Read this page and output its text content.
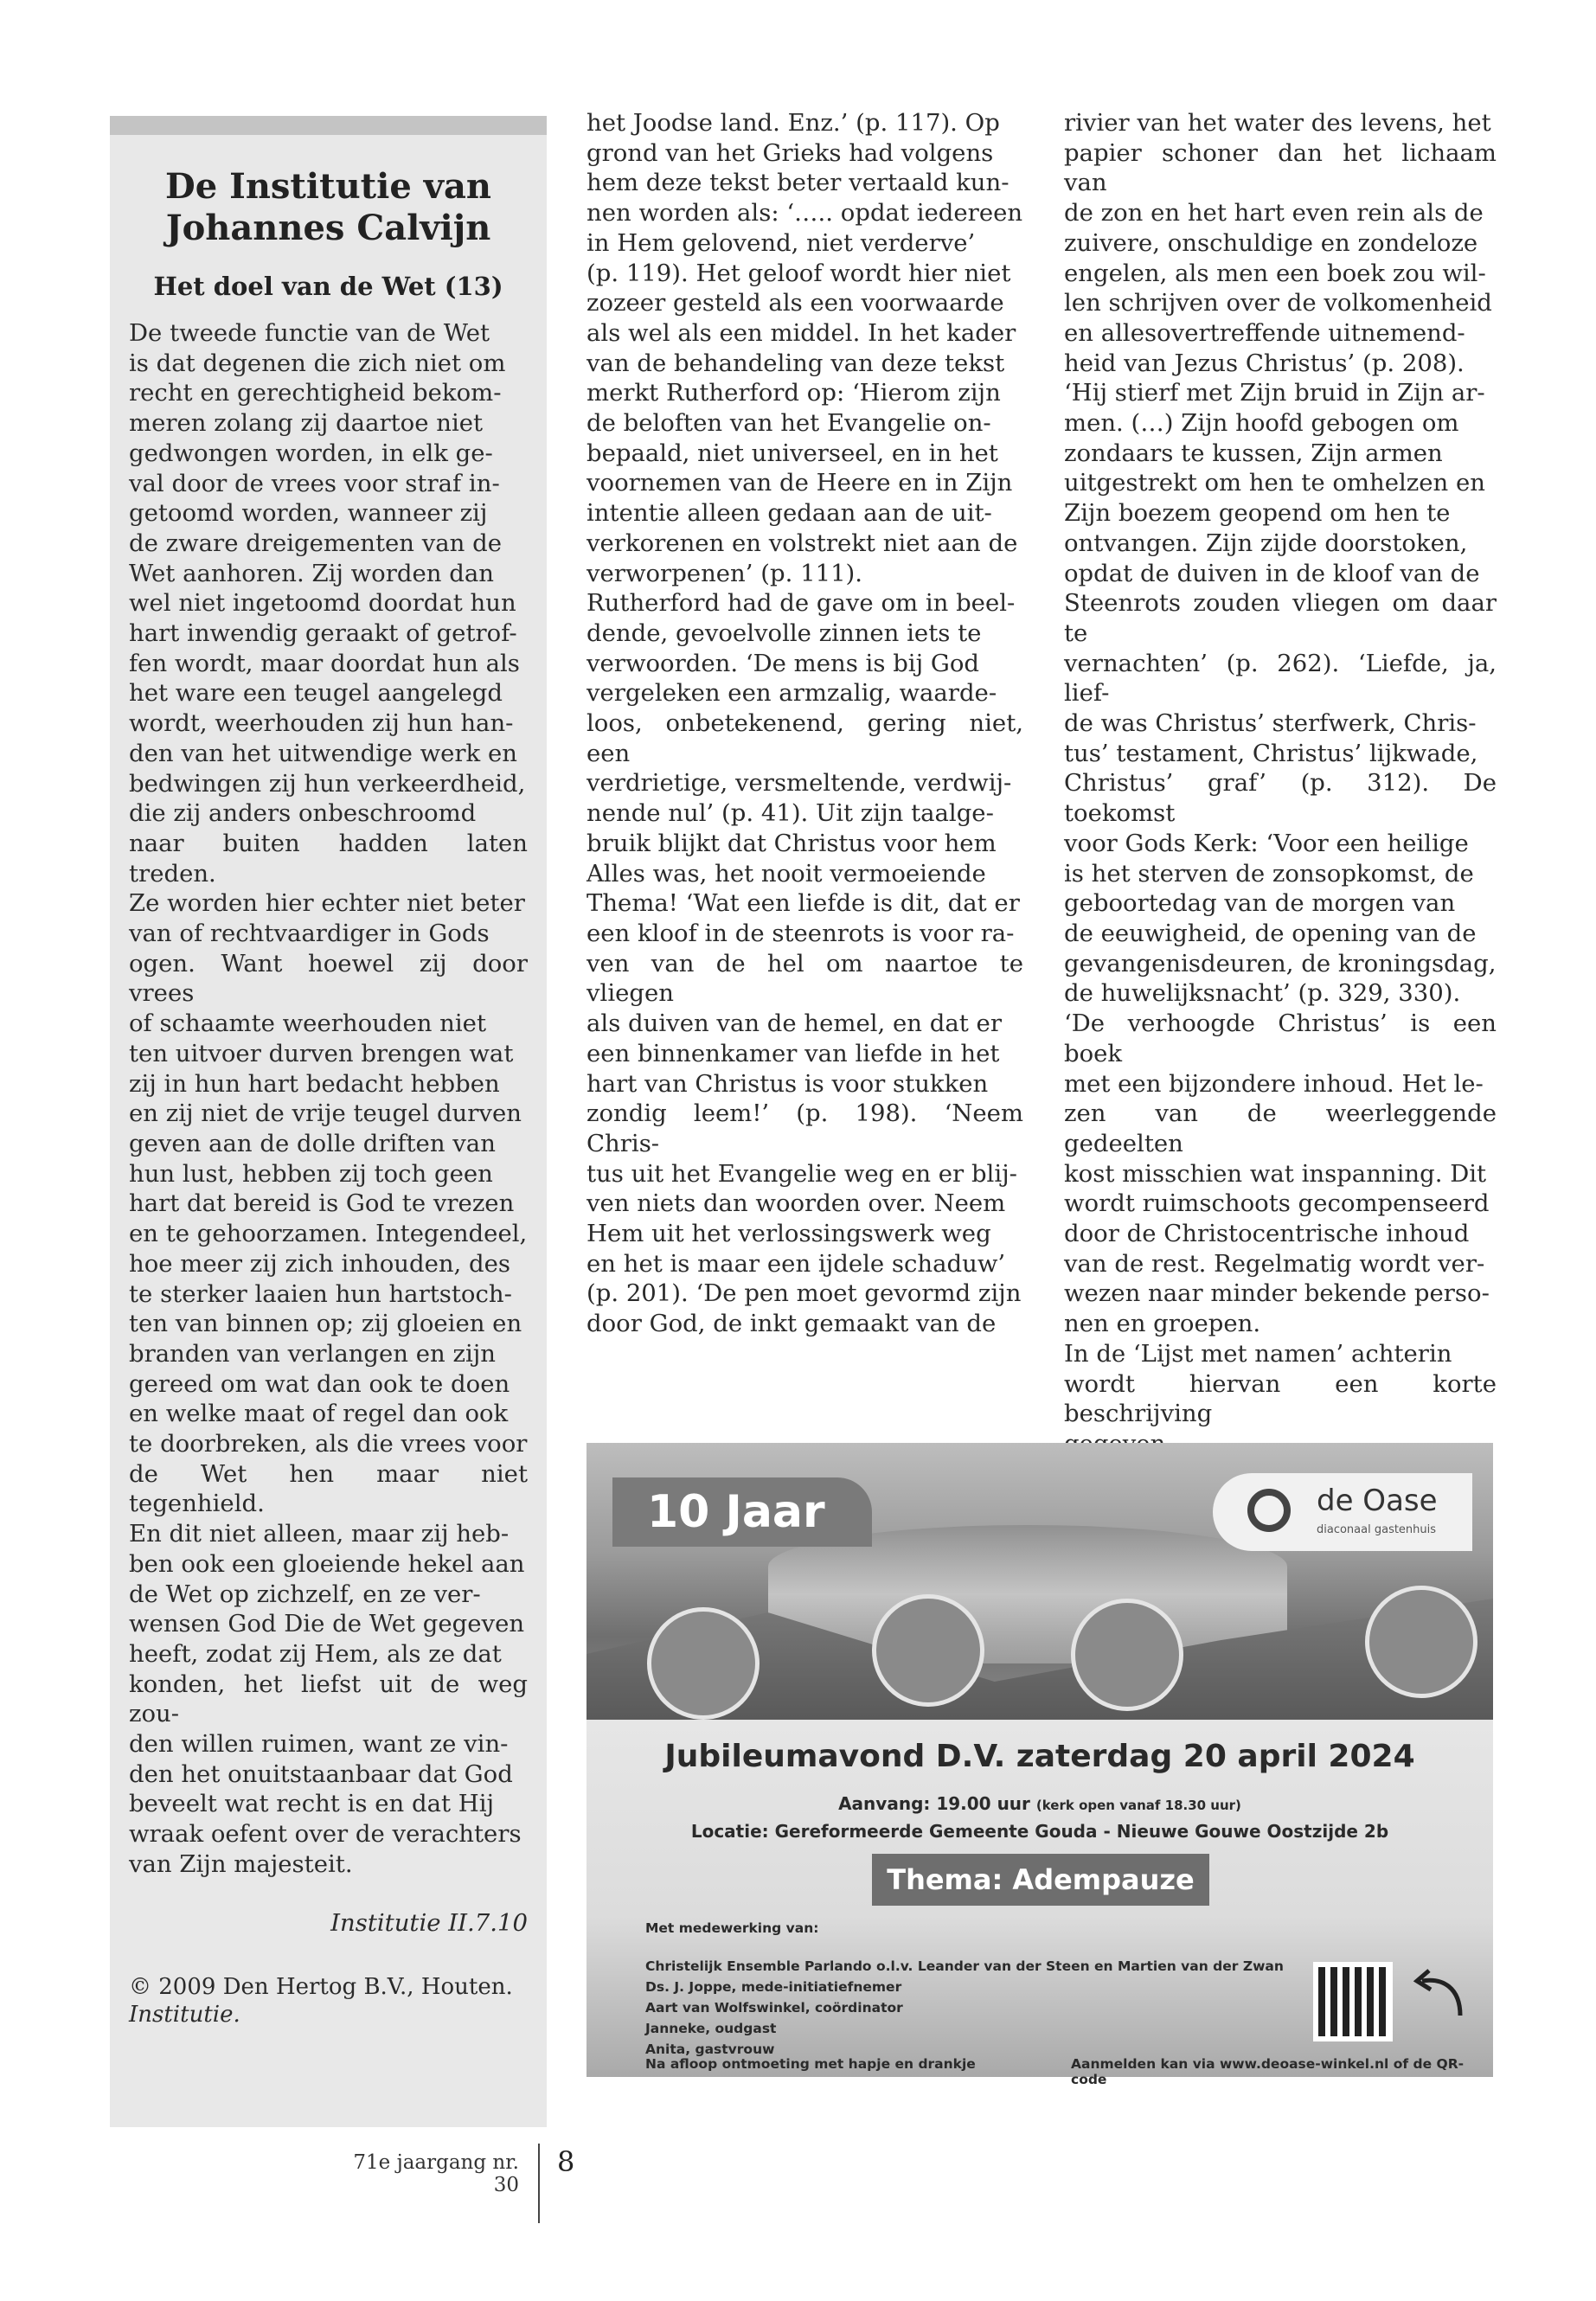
De Institutie van
Johannes Calvijn
Het doel van de Wet (13)
De tweede functie van de Wet
is dat degenen die zich niet om
recht en gerechtigheid bekom-
meren zolang zij daartoe niet
gedwongen worden, in elk ge-
val door de vrees voor straf in-
getoomd worden, wanneer zij
de zware dreigementen van de
Wet aanhoren. Zij worden dan
wel niet ingetoomd doordat hun
hart inwendig geraakt of getrof-
fen wordt, maar doordat hun als
het ware een teugel aangelegd
wordt, weerhouden zij hun han-
den van het uitwendige werk en
bedwingen zij hun verkeerdheid,
die zij anders onbeschroomd
naar buiten hadden laten treden.
Ze worden hier echter niet beter
van of rechtvaardiger in Gods
ogen. Want hoewel zij door vrees
of schaamte weerhouden niet
ten uitvoer durven brengen wat
zij in hun hart bedacht hebben
en zij niet de vrije teugel durven
geven aan de dolle driften van
hun lust, hebben zij toch geen
hart dat bereid is God te vrezen
en te gehoorzamen. Integendeel,
hoe meer zij zich inhouden, des
te sterker laaien hun hartstoch-
ten van binnen op; zij gloeien en
branden van verlangen en zijn
gereed om wat dan ook te doen
en welke maat of regel dan ook
te doorbreken, als die vrees voor
de Wet hen maar niet tegenhield.
En dit niet alleen, maar zij heb-
ben ook een gloeiende hekel aan
de Wet op zichzelf, en ze ver-
wensen God Die de Wet gegeven
heeft, zodat zij Hem, als ze dat
konden, het liefst uit de weg zou-
den willen ruimen, want ze vin-
den het onuitstaanbaar dat God
beveelt wat recht is en dat Hij
wraak oefent over de verachters
van Zijn majesteit.
Institutie II.7.10
© 2009 Den Hertog B.V., Houten.
Institutie.
het Joodse land. Enz.’ (p. 117). Op
grond van het Grieks had volgens
hem deze tekst beter vertaald kun-
nen worden als: ‘….. opdat iedereen
in Hem gelovend, niet verderve’
(p. 119). Het geloof wordt hier niet
zozeer gesteld als een voorwaarde
als wel als een middel. In het kader
van de behandeling van deze tekst
merkt Rutherford op: ‘Hierom zijn
de beloften van het Evangelie on-
bepaald, niet universeel, en in het
voornemen van de Heere en in Zijn
intentie alleen gedaan aan de uit-
verkorenen en volstrekt niet aan de
verworpenen’ (p. 111).
Rutherford had de gave om in beel-
dende, gevoelvolle zinnen iets te
verwoorden. ‘De mens is bij God
vergeleken een armzalig, waarde-
loos, onbetekenend, gering niet, een
verdrietige, versmeltende, verdwij-
nende nul’ (p. 41). Uit zijn taalge-
bruik blijkt dat Christus voor hem
Alles was, het nooit vermoeiende
Thema! ‘Wat een liefde is dit, dat er
een kloof in de steenrots is voor ra-
ven van de hel om naartoe te vliegen
als duiven van de hemel, en dat er
een binnenkamer van liefde in het
hart van Christus is voor stukken
zondig leem!’ (p. 198). ‘Neem Chris-
tus uit het Evangelie weg en er blij-
ven niets dan woorden over. Neem
Hem uit het verlossingswerk weg
en het is maar een ijdele schaduw’
(p. 201). ‘De pen moet gevormd zijn
door God, de inkt gemaakt van de
rivier van het water des levens, het
papier schoner dan het lichaam van
de zon en het hart even rein als de
zuivere, onschuldige en zondeloze
engelen, als men een boek zou wil-
len schrijven over de volkomenheid
en allesovertreffende uitnemend-
heid van Jezus Christus’ (p. 208).
‘Hij stierf met Zijn bruid in Zijn ar-
men. (…) Zijn hoofd gebogen om
zondaars te kussen, Zijn armen
uitgestrekt om hen te omhelzen en
Zijn boezem geopend om hen te
ontvangen. Zijn zijde doorstoken,
opdat de duiven in de kloof van de
Steenrots zouden vliegen om daar te
vernachten’ (p. 262). ‘Liefde, ja, lief-
de was Christus’ sterfwerk, Chris-
tus’ testament, Christus’ lijkwade,
Christus’ graf’ (p. 312). De toekomst
voor Gods Kerk: ‘Voor een heilige
is het sterven de zonsopkomst, de
geboortedag van de morgen van
de eeuwigheid, de opening van de
gevangenisdeuren, de kroningsdag,
de huwelijksnacht’ (p. 329, 330).
‘De verhoogde Christus’ is een boek
met een bijzondere inhoud. Het le-
zen van de weerleggende gedeelten
kost misschien wat inspanning. Dit
wordt ruimschoots gecompenseerd
door de Christocentrische inhoud
van de rest. Regelmatig wordt ver-
wezen naar minder bekende perso-
nen en groepen.
In de ‘Lijst met namen’ achterin
wordt hiervan een korte beschrijving

10 Jaar	de Oase
diaconaal gastenhuis
Jubileumavond D.V. zaterdag 20 april 2024
Aanvang: 19.00 uur (kerk open vanaf 18.30 uur)
Locatie: Gereformeerde Gemeente Gouda - Nieuwe Gouwe Oostzijde 2b
Thema: Adempauze
Met medewerking van:
Christelijk Ensemble Parlando o.l.v. Leander van der Steen en Martien van der Zwan
Ds. J. Joppe, mede-initiatiefnemer
Aart van Wolfswinkel, coördinator
Janneke, oudgast
Anita, gastvrouw
Na afloop ontmoeting met hapje en drankje	Aanmelden kan via www.deoase-winkel.nl of de QR-code
71e jaargang nr. 30
8
